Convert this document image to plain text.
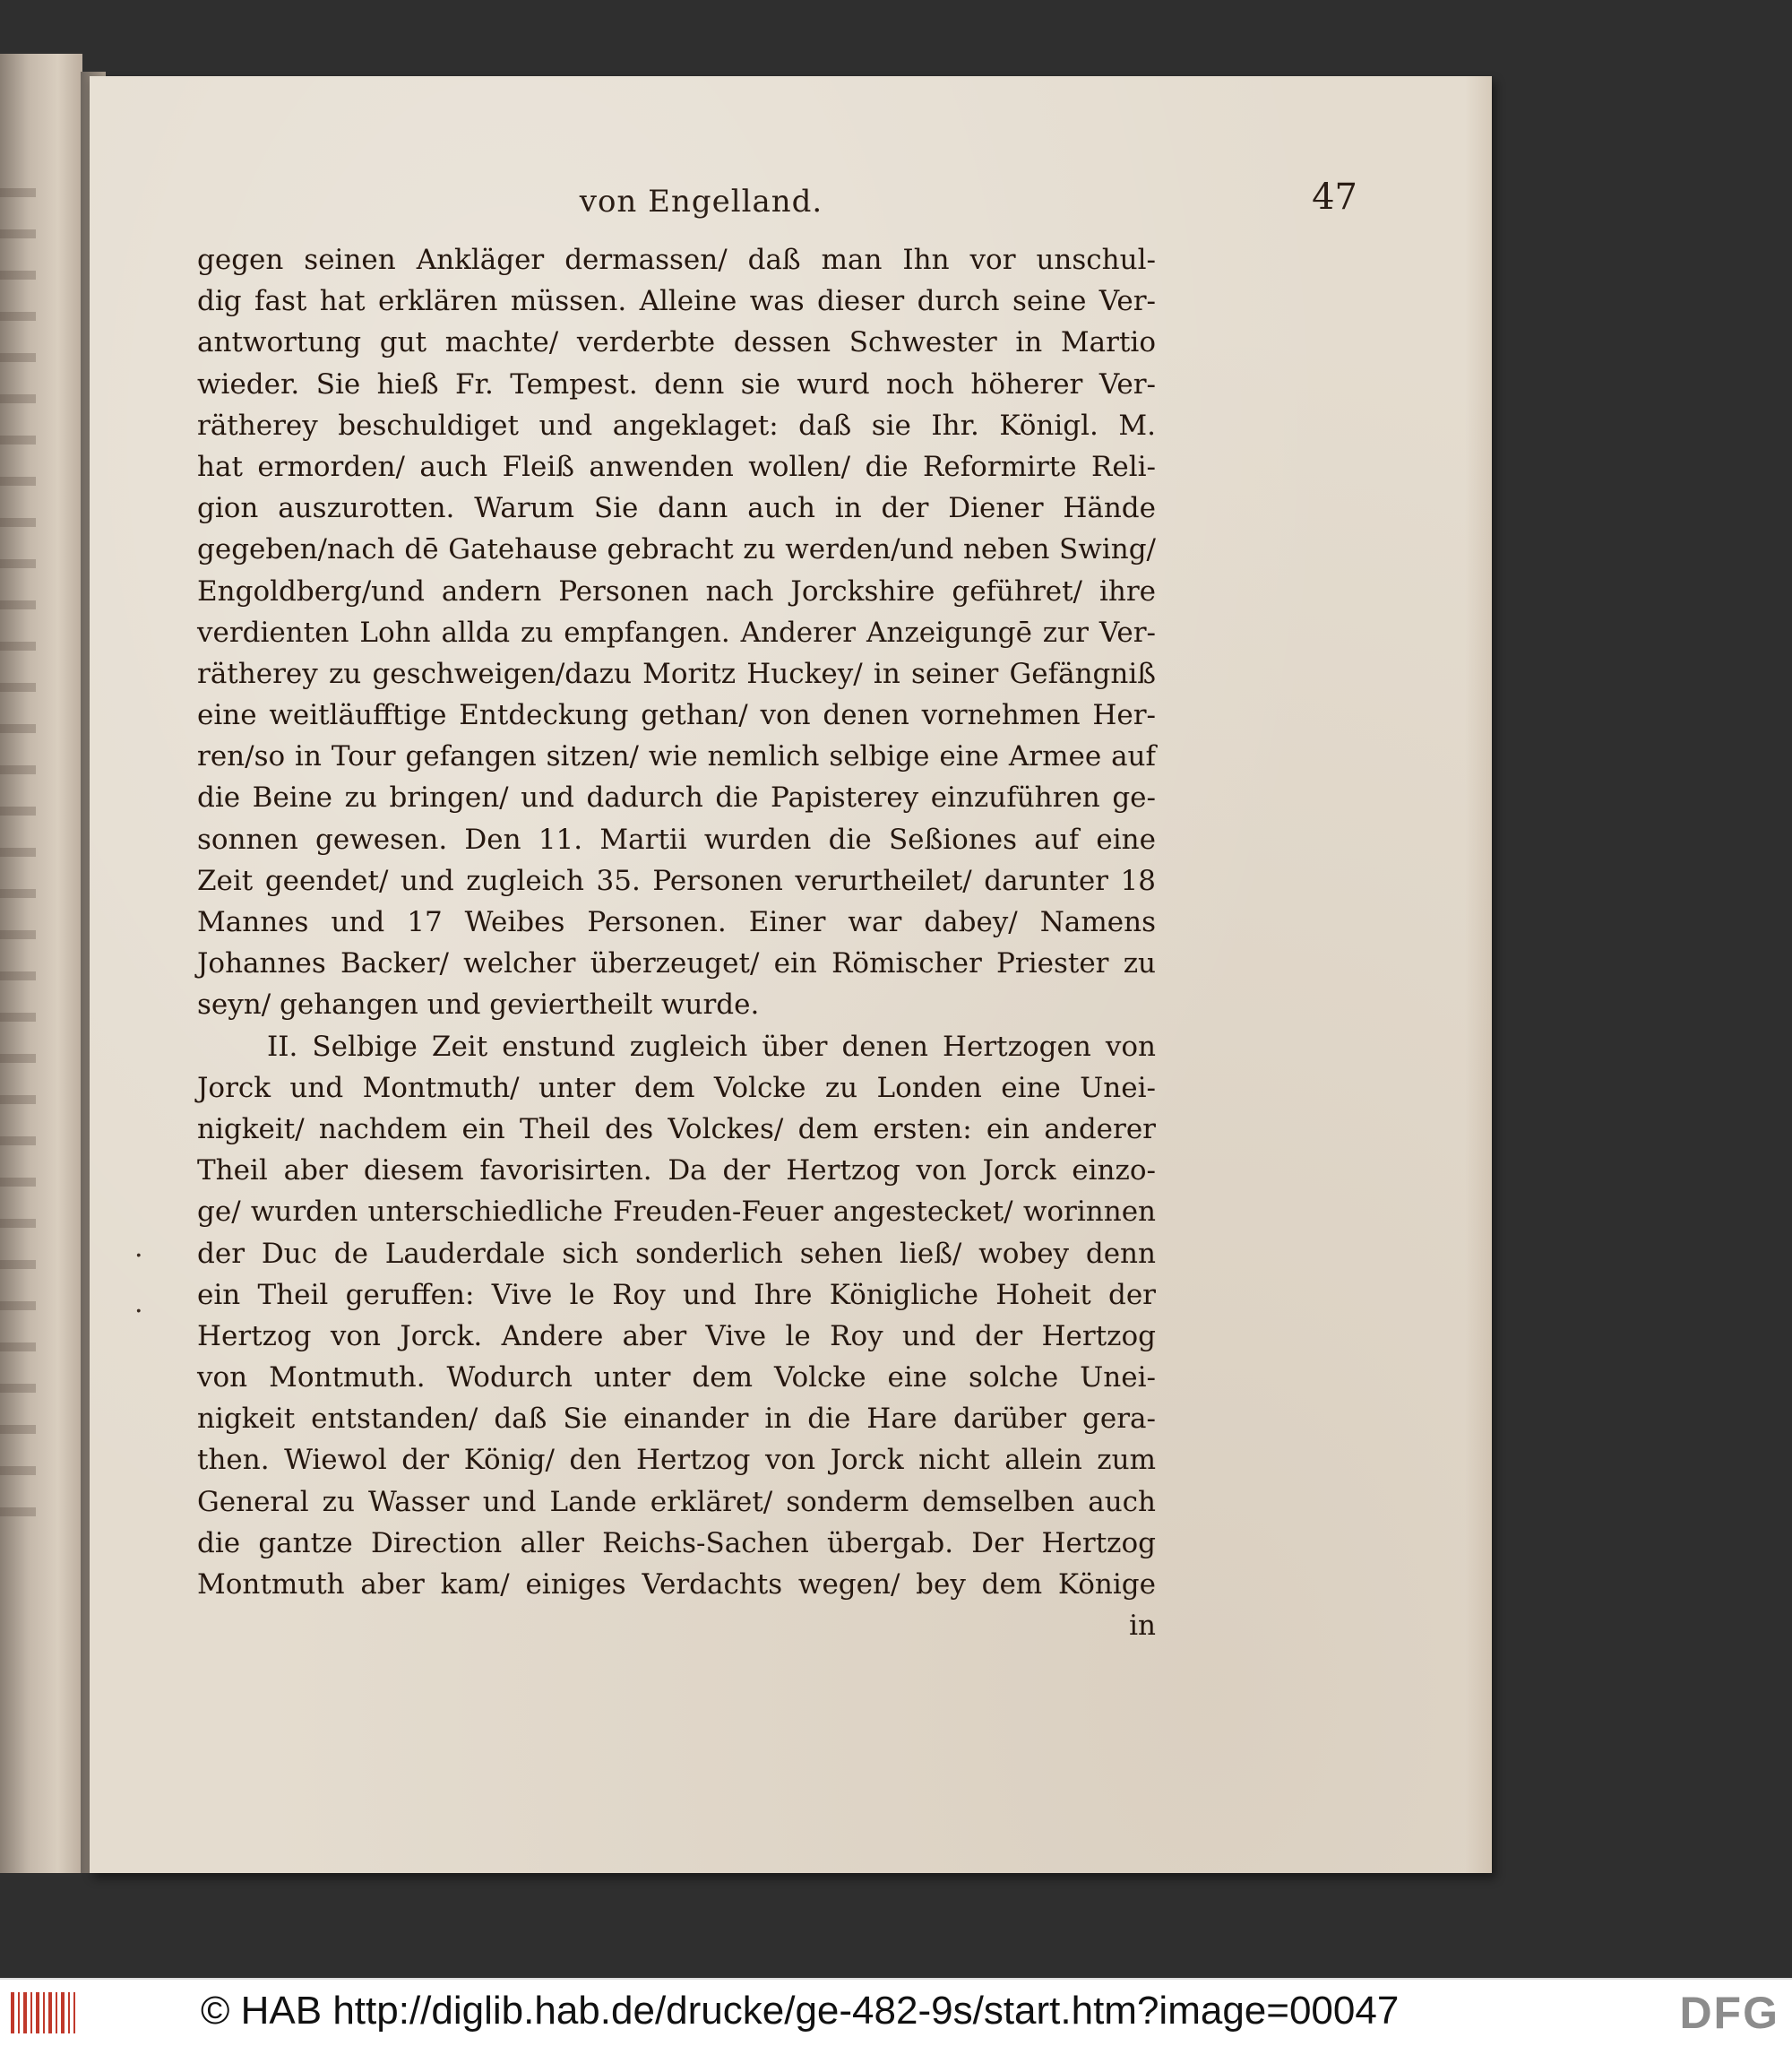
von Engelland.	47
.
.
gegen seinen Ankläger dermassen/ daß man Ihn vor unschul-
dig fast hat erklären müssen. Alleine was dieser durch seine Ver-
antwortung gut machte/ verderbte dessen Schwester in Martio
wieder. Sie hieß Fr. Tempest. denn sie wurd noch höherer Ver-
rätherey beschuldiget und angeklaget: daß sie Ihr. Königl. M.
hat ermorden/ auch Fleiß anwenden wollen/ die Reformirte Reli-
gion auszurotten. Warum Sie dann auch in der Diener Hände
gegeben/nach dē Gatehause gebracht zu werden/und neben Swing/
Engoldberg/und andern Personen nach Jorckshire geführet/ ihre
verdienten Lohn allda zu empfangen. Anderer Anzeigungē zur Ver-
rätherey zu geschweigen/dazu Moritz Huckey/ in seiner Gefängniß
eine weitläufftige Entdeckung gethan/ von denen vornehmen Her-
ren/so in Tour gefangen sitzen/ wie nemlich selbige eine Armee auf
die Beine zu bringen/ und dadurch die Papisterey einzuführen ge-
sonnen gewesen. Den 11. Martii wurden die Seßiones auf eine
Zeit geendet/ und zugleich 35. Personen verurtheilet/ darunter 18
Mannes und 17 Weibes Personen. Einer war dabey/ Namens
Johannes Backer/ welcher überzeuget/ ein Römischer Priester zu
seyn/ gehangen und geviertheilt wurde.
II. Selbige Zeit enstund zugleich über denen Hertzogen von
Jorck und Montmuth/ unter dem Volcke zu Londen eine Unei-
nigkeit/ nachdem ein Theil des Volckes/ dem ersten: ein anderer
Theil aber diesem favorisirten. Da der Hertzog von Jorck einzo-
ge/ wurden unterschiedliche Freuden-Feuer angestecket/ worinnen
der Duc de Lauderdale sich sonderlich sehen ließ/ wobey denn
ein Theil geruffen: Vive le Roy und Ihre Königliche Hoheit der
Hertzog von Jorck. Andere aber Vive le Roy und der Hertzog
von Montmuth. Wodurch unter dem Volcke eine solche Unei-
nigkeit entstanden/ daß Sie einander in die Hare darüber gera-
then. Wiewol der König/ den Hertzog von Jorck nicht allein zum
General zu Wasser und Lande erkläret/ sonderm demselben auch
die gantze Direction aller Reichs-Sachen übergab. Der Hertzog
Montmuth aber kam/ einiges Verdachts wegen/ bey dem Könige
in
© HAB http://diglib.hab.de/drucke/ge-482-9s/start.htm?image=00047	DFG
